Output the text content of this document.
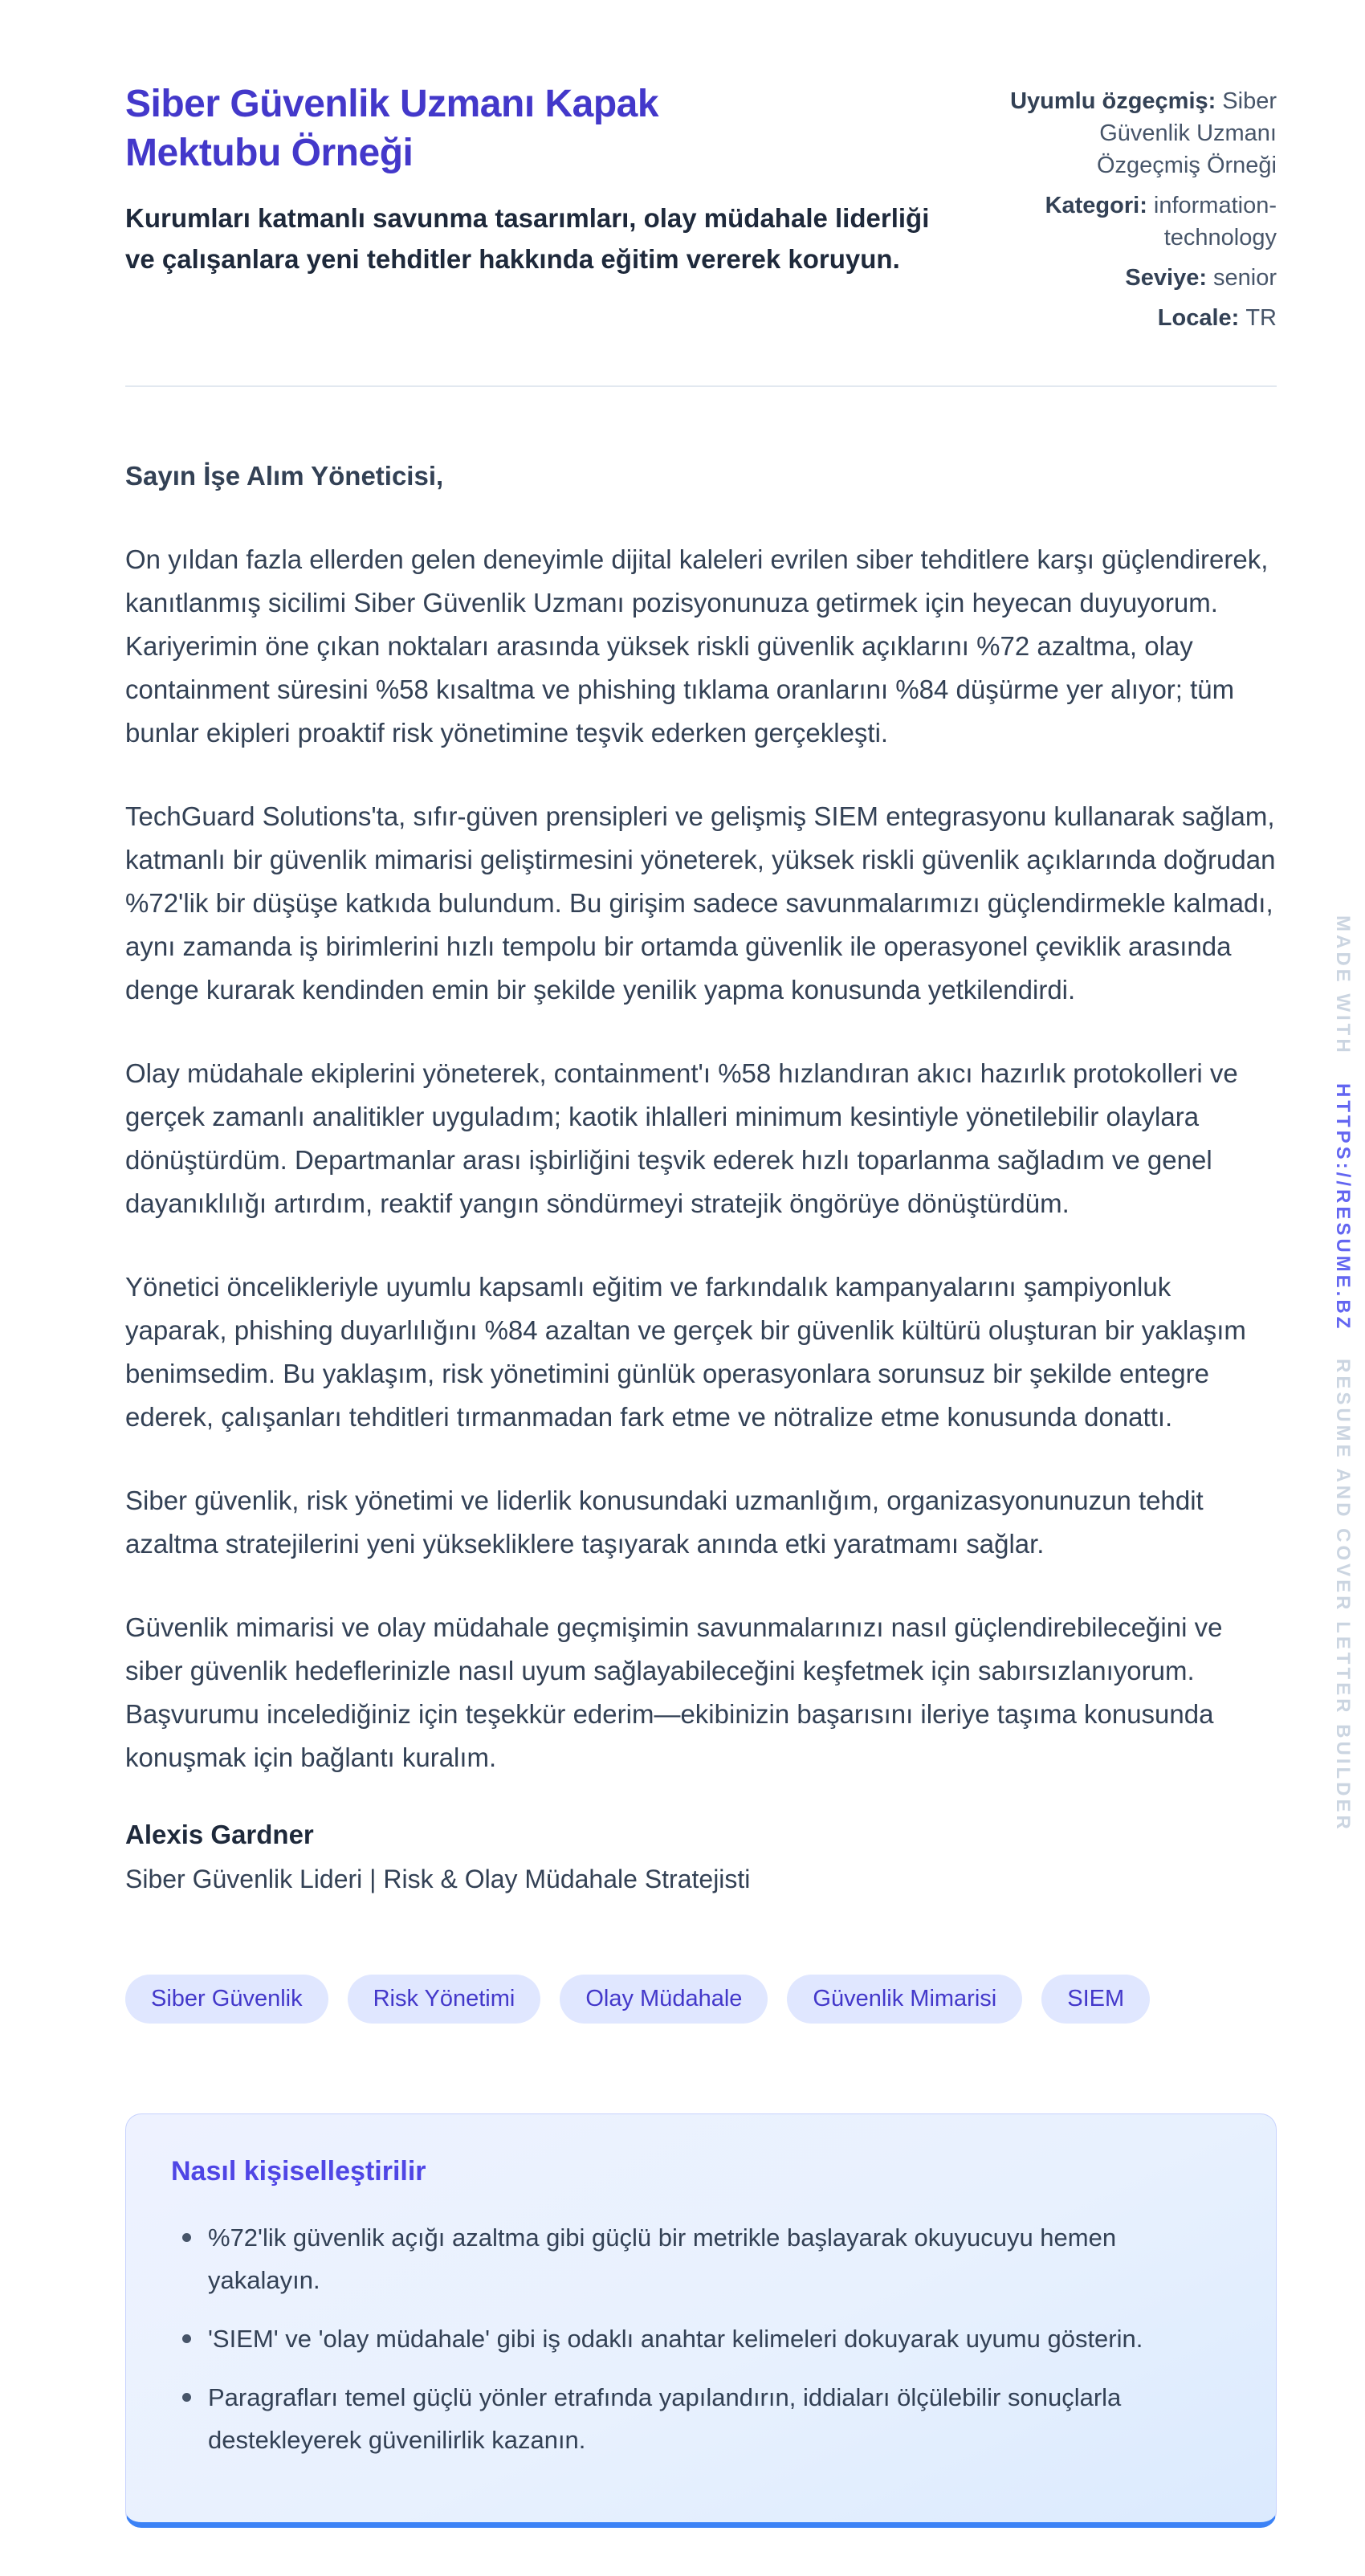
Siber Güvenlik Uzmanı Kapak Mektubu Örneği

Kurumları katmanlı savunma tasarımları, olay müdahale liderliği ve çalışanlara yeni tehditler hakkında eğitim vererek koruyun.

Uyumlu özgeçmiş: Siber Güvenlik Uzmanı Özgeçmiş Örneği
Kategori: information-technology
Seviye: senior
Locale: TR

Sayın İşe Alım Yöneticisi,

On yıldan fazla ellerden gelen deneyimle dijital kaleleri evrilen siber tehditlere karşı güçlendirerek, kanıtlanmış sicilimi Siber Güvenlik Uzmanı pozisyonunuza getirmek için heyecan duyuyorum. Kariyerimin öne çıkan noktaları arasında yüksek riskli güvenlik açıklarını %72 azaltma, olay containment süresini %58 kısaltma ve phishing tıklama oranlarını %84 düşürme yer alıyor; tüm bunlar ekipleri proaktif risk yönetimine teşvik ederken gerçekleşti.

TechGuard Solutions'ta, sıfır-güven prensipleri ve gelişmiş SIEM entegrasyonu kullanarak sağlam, katmanlı bir güvenlik mimarisi geliştirmesini yöneterek, yüksek riskli güvenlik açıklarında doğrudan %72'lik bir düşüşe katkıda bulundum. Bu girişim sadece savunmalarımızı güçlendirmekle kalmadı, aynı zamanda iş birimlerini hızlı tempolu bir ortamda güvenlik ile operasyonel çeviklik arasında denge kurarak kendinden emin bir şekilde yenilik yapma konusunda yetkilendirdi.

Olay müdahale ekiplerini yöneterek, containment'ı %58 hızlandıran akıcı hazırlık protokolleri ve gerçek zamanlı analitikler uyguladım; kaotik ihlalleri minimum kesintiyle yönetilebilir olaylara dönüştürdüm. Departmanlar arası işbirliğini teşvik ederek hızlı toparlanma sağladım ve genel dayanıklılığı artırdım, reaktif yangın söndürmeyi stratejik öngörüye dönüştürdüm.

Yönetici öncelikleriyle uyumlu kapsamlı eğitim ve farkındalık kampanyalarını şampiyonluk yaparak, phishing duyarlılığını %84 azaltan ve gerçek bir güvenlik kültürü oluşturan bir yaklaşım benimsedim. Bu yaklaşım, risk yönetimini günlük operasyonlara sorunsuz bir şekilde entegre ederek, çalışanları tehditleri tırmanmadan fark etme ve nötralize etme konusunda donattı.

Siber güvenlik, risk yönetimi ve liderlik konusundaki uzmanlığım, organizasyonunuzun tehdit azaltma stratejilerini yeni yüksekliklere taşıyarak anında etki yaratmamı sağlar.

Güvenlik mimarisi ve olay müdahale geçmişimin savunmalarınızı nasıl güçlendirebileceğini ve siber güvenlik hedeflerinizle nasıl uyum sağlayabileceğini keşfetmek için sabırsızlanıyorum. Başvurumu incelediğiniz için teşekkür ederim—ekibinizin başarısını ileriye taşıma konusunda konuşmak için bağlantı kuralım.

Alexis Gardner
Siber Güvenlik Lideri | Risk & Olay Müdahale Stratejisti
Siber Güvenlik	Risk Yönetimi	Olay Müdahale	Güvenlik Mimarisi	SIEM
Nasıl kişiselleştirilir
%72'lik güvenlik açığı azaltma gibi güçlü bir metrikle başlayarak okuyucuyu hemen yakalayın.
'SIEM' ve 'olay müdahale' gibi iş odaklı anahtar kelimeleri dokuyarak uyumu gösterin.
Paragrafları temel güçlü yönler etrafında yapılandırın, iddiaları ölçülebilir sonuçlarla destekleyerek güvenilirlik kazanın.
MADE WITHHTTPS://RESUME.BZRESUME AND COVER LETTER BUILDER
